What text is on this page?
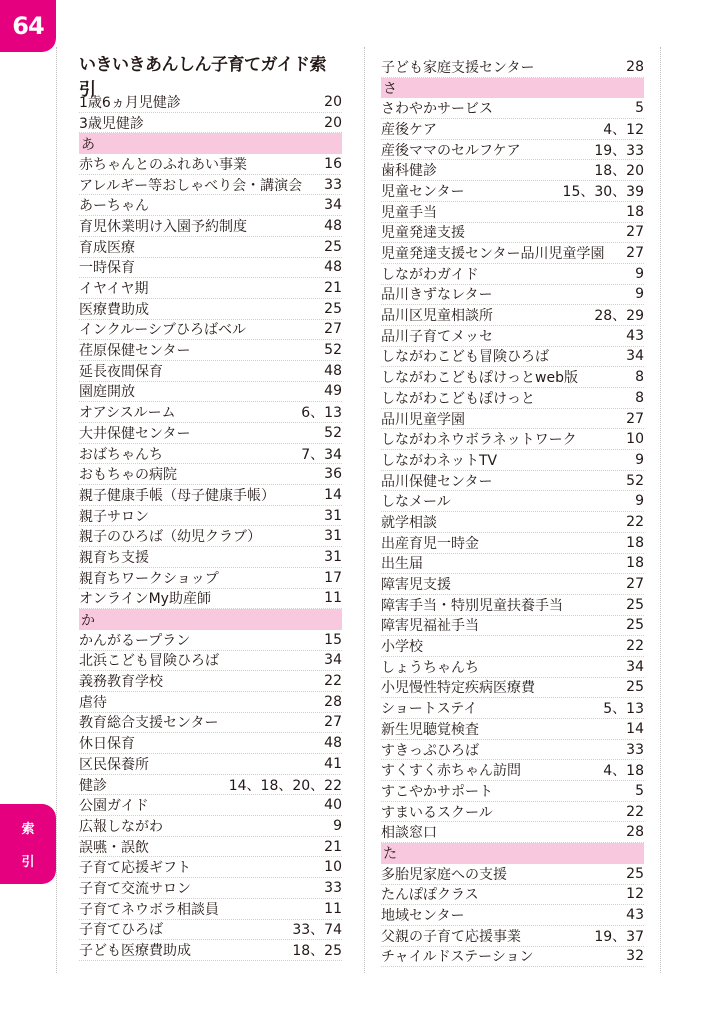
64
索
引
いきいきあんしん子育てガイド索引
1歳6ヵ月児健診	20
3歳児健診	20
あ
赤ちゃんとのふれあい事業	16
アレルギー等おしゃべり会・講演会	33
あーちゃん	34
育児休業明け入園予約制度	48
育成医療	25
一時保育	48
イヤイヤ期	21
医療費助成	25
インクルーシブひろばベル	27
荏原保健センター	52
延長夜間保育	48
園庭開放	49
オアシスルーム	6、13
大井保健センター	52
おばちゃんち	7、34
おもちゃの病院	36
親子健康手帳（母子健康手帳）	14
親子サロン	31
親子のひろば（幼児クラブ）	31
親育ち支援	31
親育ちワークショップ	17
オンラインMy助産師	11
か
かんがるープラン	15
北浜こども冒険ひろば	34
義務教育学校	22
虐待	28
教育総合支援センター	27
休日保育	48
区民保養所	41
健診	14、18、20、22
公園ガイド	40
広報しながわ	9
誤嚥・誤飲	21
子育て応援ギフト	10
子育て交流サロン	33
子育てネウボラ相談員	11
子育てひろば	33、74
子ども医療費助成	18、25
子ども家庭支援センター	28
さ
さわやかサービス	5
産後ケア	4、12
産後ママのセルフケア	19、33
歯科健診	18、20
児童センター	15、30、39
児童手当	18
児童発達支援	27
児童発達支援センター品川児童学園	27
しながわガイド	9
品川きずなレター	9
品川区児童相談所	28、29
品川子育てメッセ	43
しながわこども冒険ひろば	34
しながわこどもぽけっとweb版	8
しながわこどもぽけっと	8
品川児童学園	27
しながわネウボラネットワーク	10
しながわネットTV	9
品川保健センター	52
しなメール	9
就学相談	22
出産育児一時金	18
出生届	18
障害児支援	27
障害手当・特別児童扶養手当	25
障害児福祉手当	25
小学校	22
しょうちゃんち	34
小児慢性特定疾病医療費	25
ショートステイ	5、13
新生児聴覚検査	14
すきっぷひろば	33
すくすく赤ちゃん訪問	4、18
すこやかサポート	5
すまいるスクール	22
相談窓口	28
た
多胎児家庭への支援	25
たんぽぽクラス	12
地域センター	43
父親の子育て応援事業	19、37
チャイルドステーション	32
